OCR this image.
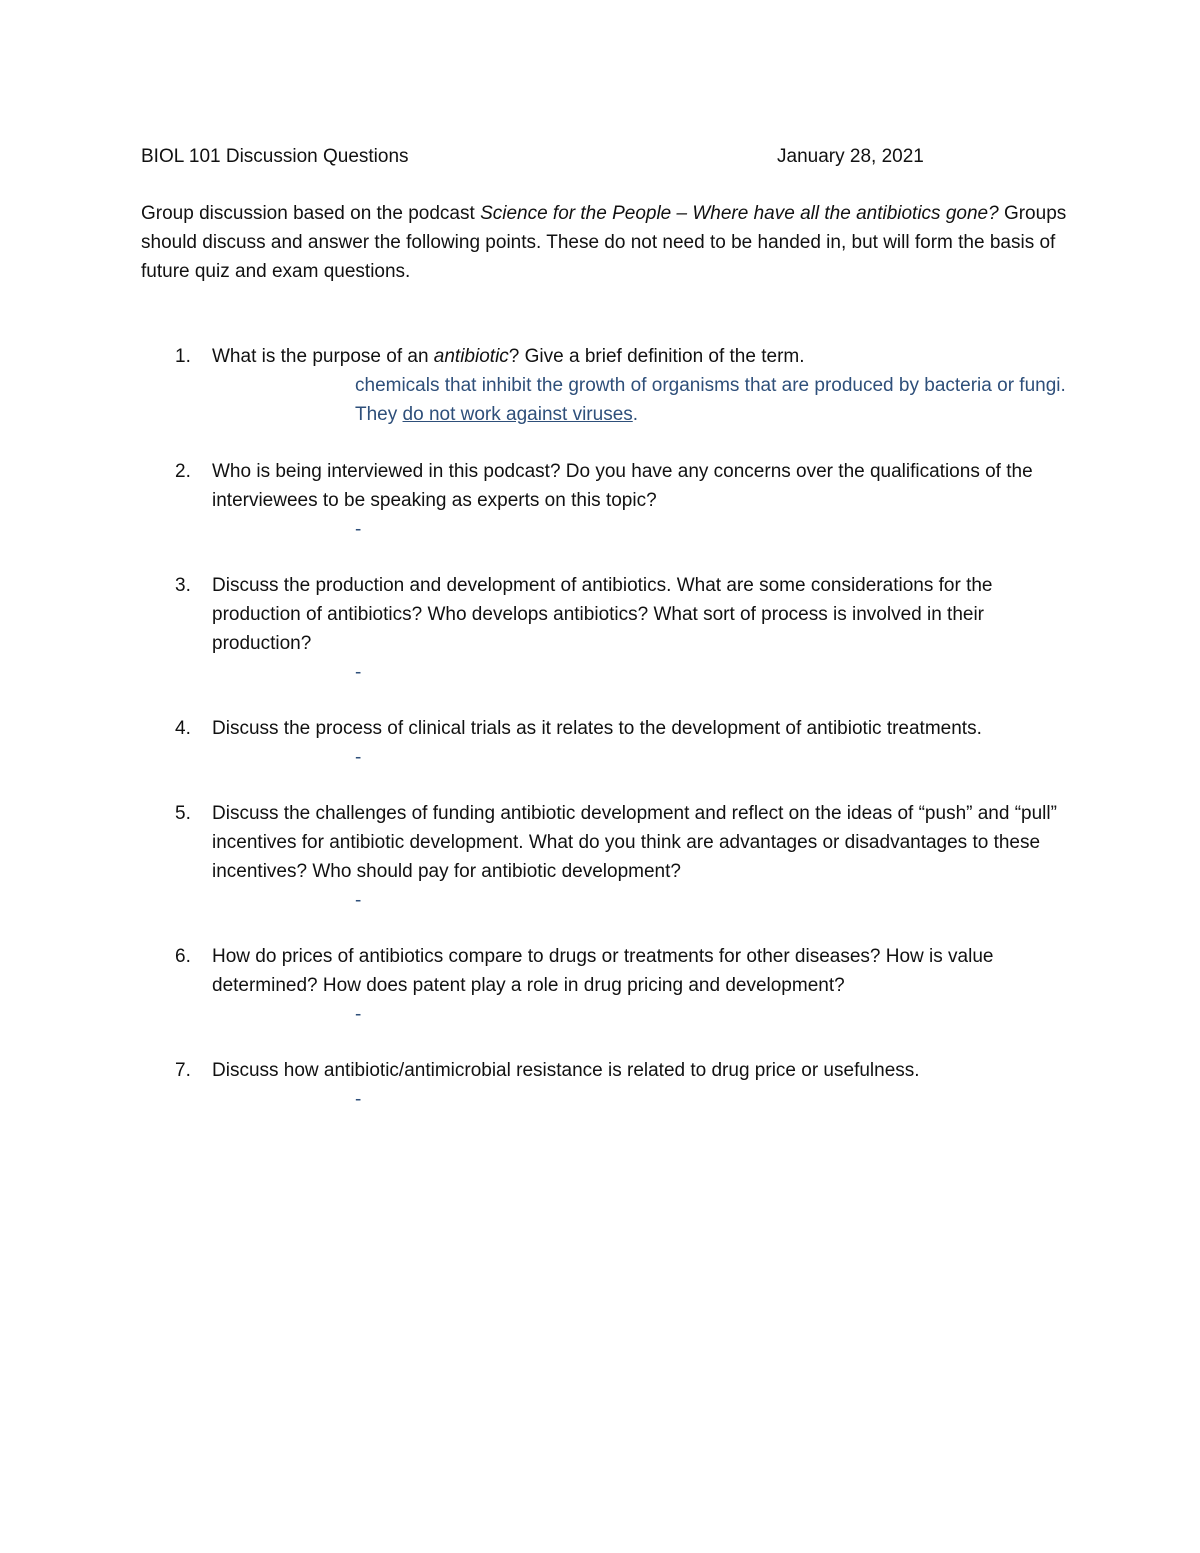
BIOL 101 Discussion Questions	January 28, 2021
Group discussion based on the podcast Science for the People – Where have all the antibiotics gone? Groups should discuss and answer the following points. These do not need to be handed in, but will form the basis of future quiz and exam questions.
1. What is the purpose of an antibiotic? Give a brief definition of the term.
chemicals that inhibit the growth of organisms that are produced by bacteria or fungi. They do not work against viruses.
2. Who is being interviewed in this podcast? Do you have any concerns over the qualifications of the interviewees to be speaking as experts on this topic?
-
3. Discuss the production and development of antibiotics. What are some considerations for the production of antibiotics? Who develops antibiotics? What sort of process is involved in their production?
-
4. Discuss the process of clinical trials as it relates to the development of antibiotic treatments.
-
5. Discuss the challenges of funding antibiotic development and reflect on the ideas of “push” and “pull” incentives for antibiotic development. What do you think are advantages or disadvantages to these incentives? Who should pay for antibiotic development?
-
6. How do prices of antibiotics compare to drugs or treatments for other diseases? How is value determined? How does patent play a role in drug pricing and development?
-
7. Discuss how antibiotic/antimicrobial resistance is related to drug price or usefulness.
-
